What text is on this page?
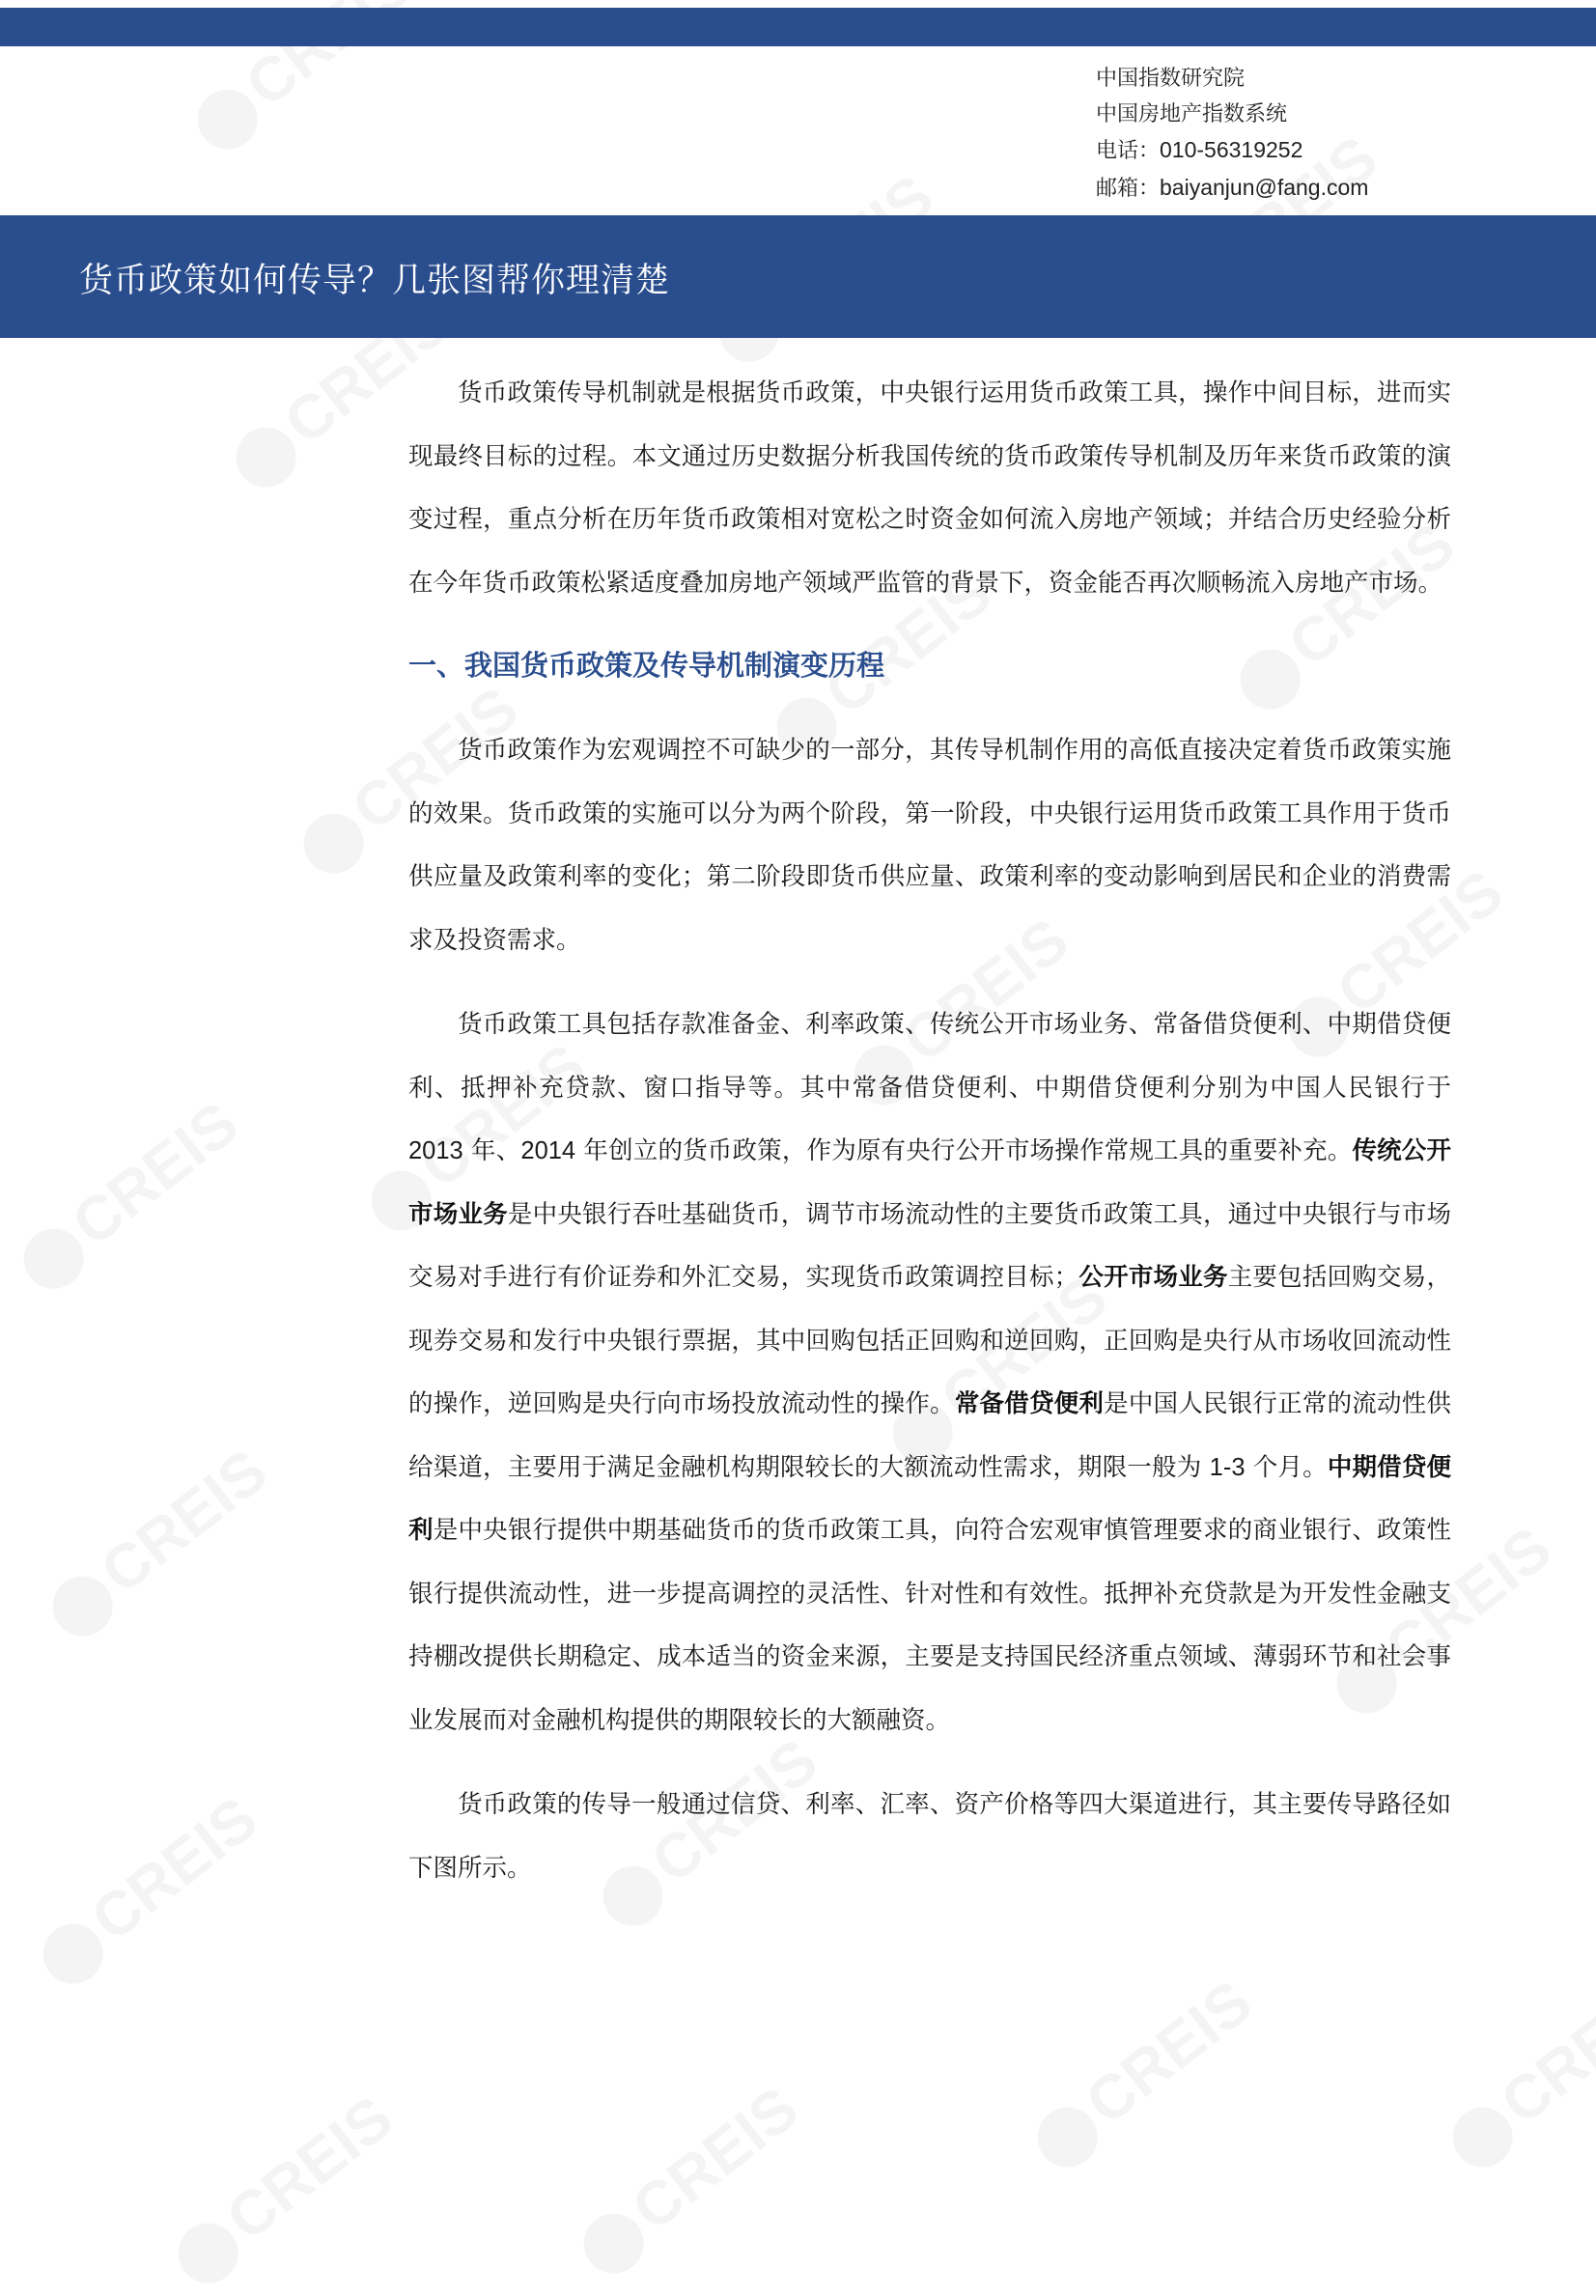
中国指数研究院
中国房地产指数系统
电话：010-56319252
邮箱：baiyanjun@fang.com
货币政策如何传导？几张图帮你理清楚

货币政策传导机制就是根据货币政策，中央银行运用货币政策工具，操作中间目标，进而实现最终目标的过程。本文通过历史数据分析我国传统的货币政策传导机制及历年来货币政策的演变过程，重点分析在历年货币政策相对宽松之时资金如何流入房地产领域；并结合历史经验分析在今年货币政策松紧适度叠加房地产领域严监管的背景下，资金能否再次顺畅流入房地产市场。

一、我国货币政策及传导机制演变历程

货币政策作为宏观调控不可缺少的一部分，其传导机制作用的高低直接决定着货币政策实施的效果。货币政策的实施可以分为两个阶段，第一阶段，中央银行运用货币政策工具作用于货币供应量及政策利率的变化；第二阶段即货币供应量、政策利率的变动影响到居民和企业的消费需求及投资需求。

货币政策工具包括存款准备金、利率政策、传统公开市场业务、常备借贷便利、中期借贷便利、抵押补充贷款、窗口指导等。其中常备借贷便利、中期借贷便利分别为中国人民银行于 2013 年、2014 年创立的货币政策，作为原有央行公开市场操作常规工具的重要补充。传统公开市场业务是中央银行吞吐基础货币，调节市场流动性的主要货币政策工具，通过中央银行与市场交易对手进行有价证券和外汇交易，实现货币政策调控目标；公开市场业务主要包括回购交易，现券交易和发行中央银行票据，其中回购包括正回购和逆回购，正回购是央行从市场收回流动性的操作，逆回购是央行向市场投放流动性的操作。常备借贷便利是中国人民银行正常的流动性供给渠道，主要用于满足金融机构期限较长的大额流动性需求，期限一般为 1-3 个月。中期借贷便利是中央银行提供中期基础货币的货币政策工具，向符合宏观审慎管理要求的商业银行、政策性银行提供流动性，进一步提高调控的灵活性、针对性和有效性。抵押补充贷款是为开发性金融支持棚改提供长期稳定、成本适当的资金来源，主要是支持国民经济重点领域、薄弱环节和社会事业发展而对金融机构提供的期限较长的大额融资。

货币政策的传导一般通过信贷、利率、汇率、资产价格等四大渠道进行，其主要传导路径如下图所示。
